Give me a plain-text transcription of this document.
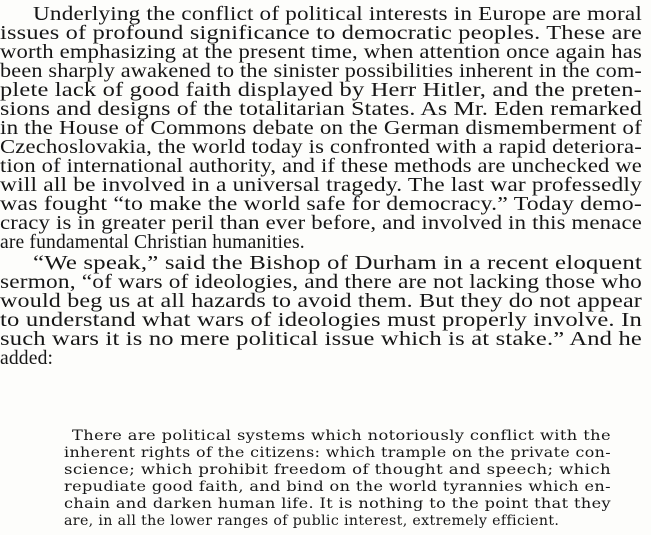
Underlying the conflict of political interests in Europe are moral
issues of profound significance to democratic peoples. These are
worth emphasizing at the present time, when attention once again has
been sharply awakened to the sinister possibilities inherent in the com-
plete lack of good faith displayed by Herr Hitler, and the preten-
sions and designs of the totalitarian States. As Mr. Eden remarked
in the House of Commons debate on the German dismemberment of
Czechoslovakia, the world today is confronted with a rapid deteriora-
tion of international authority, and if these methods are unchecked we
will all be involved in a universal tragedy. The last war professedly
was fought “to make the world safe for democracy.” Today demo-
cracy is in greater peril than ever before, and involved in this menace
are fundamental Christian humanities.
“We speak,” said the Bishop of Durham in a recent eloquent
sermon, “of wars of ideologies, and there are not lacking those who
would beg us at all hazards to avoid them. But they do not appear
to understand what wars of ideologies must properly involve. In
such wars it is no mere political issue which is at stake.” And he
added:
There are political systems which notoriously conflict with the
inherent rights of the citizens: which trample on the private con-
science; which prohibit freedom of thought and speech; which
repudiate good faith, and bind on the world tyrannies which en-
chain and darken human life. It is nothing to the point that they
are, in all the lower ranges of public interest, extremely efficient.
